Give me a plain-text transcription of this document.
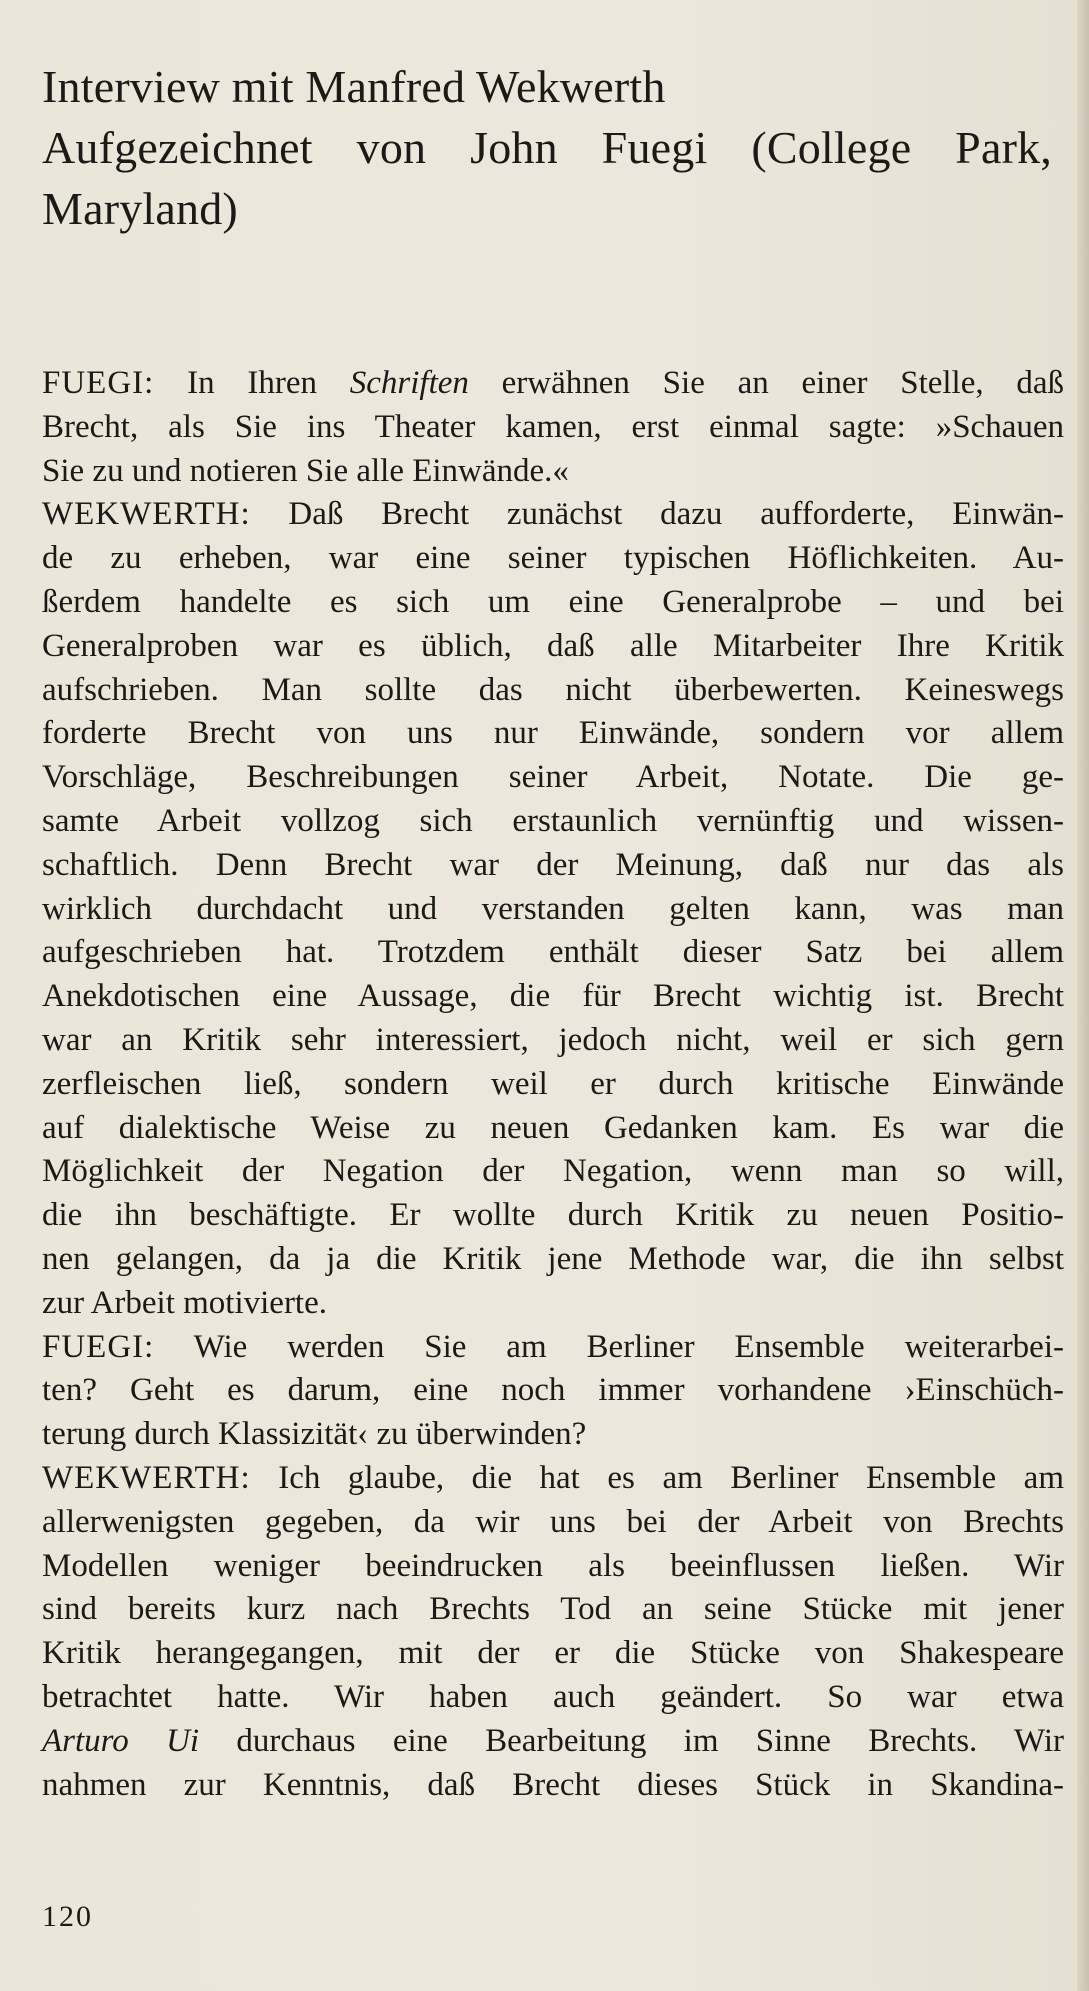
Interview mit Manfred Wekwerth
Aufgezeichnet von John Fuegi (College Park,
Maryland)
FUEGI: In Ihren Schriften erwähnen Sie an einer Stelle, daß
Brecht, als Sie ins Theater kamen, erst einmal sagte: »Schauen
Sie zu und notieren Sie alle Einwände.«
WEKWERTH: Daß Brecht zunächst dazu aufforderte, Einwän-
de zu erheben, war eine seiner typischen Höflichkeiten. Au-
ßerdem handelte es sich um eine Generalprobe – und bei
Generalproben war es üblich, daß alle Mitarbeiter Ihre Kritik
aufschrieben. Man sollte das nicht überbewerten. Keineswegs
forderte Brecht von uns nur Einwände, sondern vor allem
Vorschläge, Beschreibungen seiner Arbeit, Notate. Die ge-
samte Arbeit vollzog sich erstaunlich vernünftig und wissen-
schaftlich. Denn Brecht war der Meinung, daß nur das als
wirklich durchdacht und verstanden gelten kann, was man
aufgeschrieben hat. Trotzdem enthält dieser Satz bei allem
Anekdotischen eine Aussage, die für Brecht wichtig ist. Brecht
war an Kritik sehr interessiert, jedoch nicht, weil er sich gern
zerfleischen ließ, sondern weil er durch kritische Einwände
auf dialektische Weise zu neuen Gedanken kam. Es war die
Möglichkeit der Negation der Negation, wenn man so will,
die ihn beschäftigte. Er wollte durch Kritik zu neuen Positio-
nen gelangen, da ja die Kritik jene Methode war, die ihn selbst
zur Arbeit motivierte.
FUEGI: Wie werden Sie am Berliner Ensemble weiterarbei-
ten? Geht es darum, eine noch immer vorhandene ›Einschüch-
terung durch Klassizität‹ zu überwinden?
WEKWERTH: Ich glaube, die hat es am Berliner Ensemble am
allerwenigsten gegeben, da wir uns bei der Arbeit von Brechts
Modellen weniger beeindrucken als beeinflussen ließen. Wir
sind bereits kurz nach Brechts Tod an seine Stücke mit jener
Kritik herangegangen, mit der er die Stücke von Shakespeare
betrachtet hatte. Wir haben auch geändert. So war etwa
Arturo Ui durchaus eine Bearbeitung im Sinne Brechts. Wir
nahmen zur Kenntnis, daß Brecht dieses Stück in Skandina-
120
